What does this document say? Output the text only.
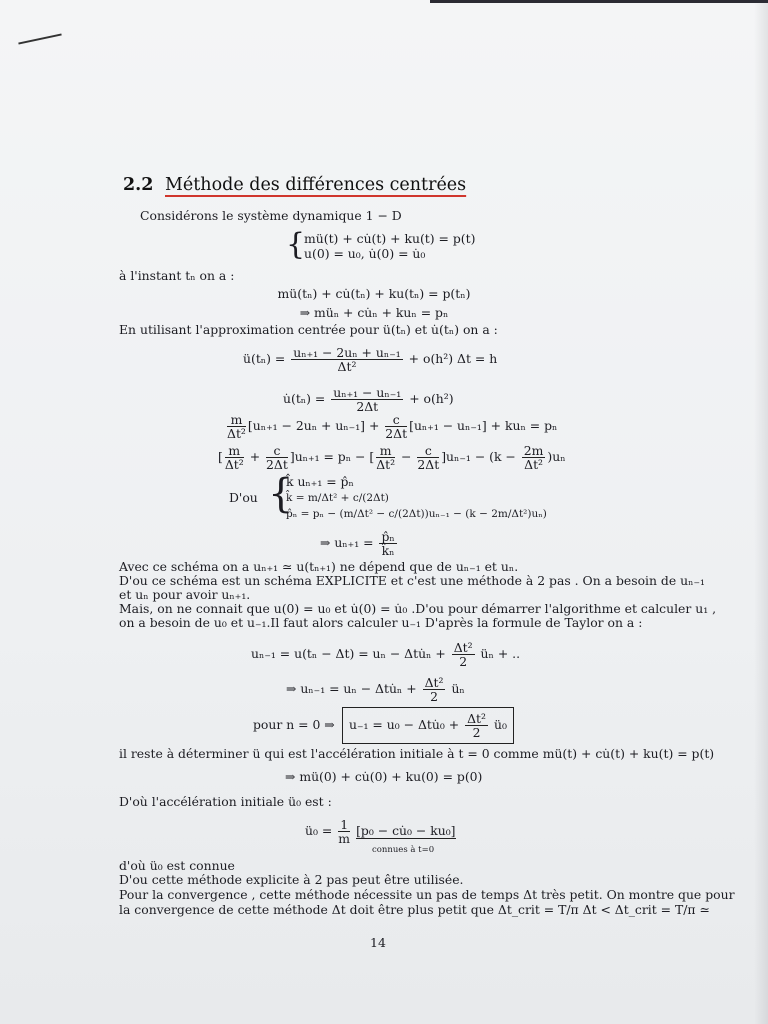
2.2 Méthode des différences centrées
Considérons le système dynamique 1 − D
{
mü(t) + cu̇(t) + ku(t) = p(t)
u(0) = u₀, u̇(0) = u̇₀
à l'instant tₙ on a :
mü(tₙ) + cu̇(tₙ) + ku(tₙ) = p(tₙ)
⇒ müₙ + cu̇ₙ + kuₙ = pₙ
En utilisant l'approximation centrée pour ü(tₙ) et u̇(tₙ) on a :
ü(tₙ) = $\frac{\text{uₙ₊₁ − 2uₙ + uₙ₋₁}}{\text{Δt²}} + o(h^2) \Delta t = h$
u̇(tₙ) = $\frac{\text{uₙ₊₁ − uₙ₋₁}}{2\Delta t} + o(h^2)$
$\frac{m}{\text{Δt²}} [u_{n+1} - 2u_n + u_{n-1}] + \frac{c}{2\Delta t} [u_{n+1} - u_{n-1}] + ku_n = p_n$
[ $\frac{m}{\text{Δt²}} + \frac{c}{2\Delta t} ]u_{n+1} = p_n$ − [ $\frac{m}{\text{Δt²}} - \frac{c}{2\Delta t} ]u_{n-1} - (k - \frac{2m}{\text{Δt²}} )u_n$
D'ou {
k̂ uₙ₊₁ = p̂ₙ
k̂ = m/Δt² + c/(2Δt)
p̂ₙ = pₙ − (m/Δt² − c/(2Δt))uₙ₋₁ − (k − 2m/Δt²)uₙ)
⇒ $u_{n+1} = \frac{\text{p̂ₙ}}{\text{k̂ₙ}}$
Avec ce schéma on a uₙ₊₁ ≃ u(tₙ₊₁) ne dépend que de uₙ₋₁ et uₙ.
D'ou ce schéma est un schéma EXPLICITE et c'est une méthode à 2 pas . On a besoin de uₙ₋₁
et uₙ pour avoir uₙ₊₁.
Mais, on ne connait que u(0) = u₀ et u̇(0) = u̇₀ .D'ou pour démarrer l'algorithme et calculer u₁ ,
on a besoin de u₀ et u₋₁.Il faut alors calculer u₋₁ D'après la formule de Taylor on a :
uₙ₋₁ = u(tₙ − Δt) = uₙ − Δtu̇ₙ + $\frac{\text{Δt²}}{2}$ üₙ + ..
⇒ uₙ₋₁ = uₙ − Δtu̇ₙ + $\frac{\text{Δt²}}{2}$ üₙ
pour n = 0 ⇒	u₋₁ = u₀ − Δtu̇₀ + $\frac{\text{Δt²}}{2}$ ü₀
il reste à déterminer ü qui est l'accélération initiale à t = 0 comme mü(t) + cu̇(t) + ku(t) = p(t)
⇒ mü(0) + cu̇(0) + ku(0) = p(0)
D'où l'accélération initiale ü₀ est :
ü₀ = $\frac{1}{m} [p_0$ − cu̇₀ − ku₀]
connues à t=0
d'où ü₀ est connue
D'ou cette méthode explicite à 2 pas peut être utilisée.
Pour la convergence , cette méthode nécessite un pas de temps Δt très petit. On montre que pour
la convergence de cette méthode Δt doit être plus petit que Δt_crit = T/π Δt < Δt_crit = T/π ≃
14
